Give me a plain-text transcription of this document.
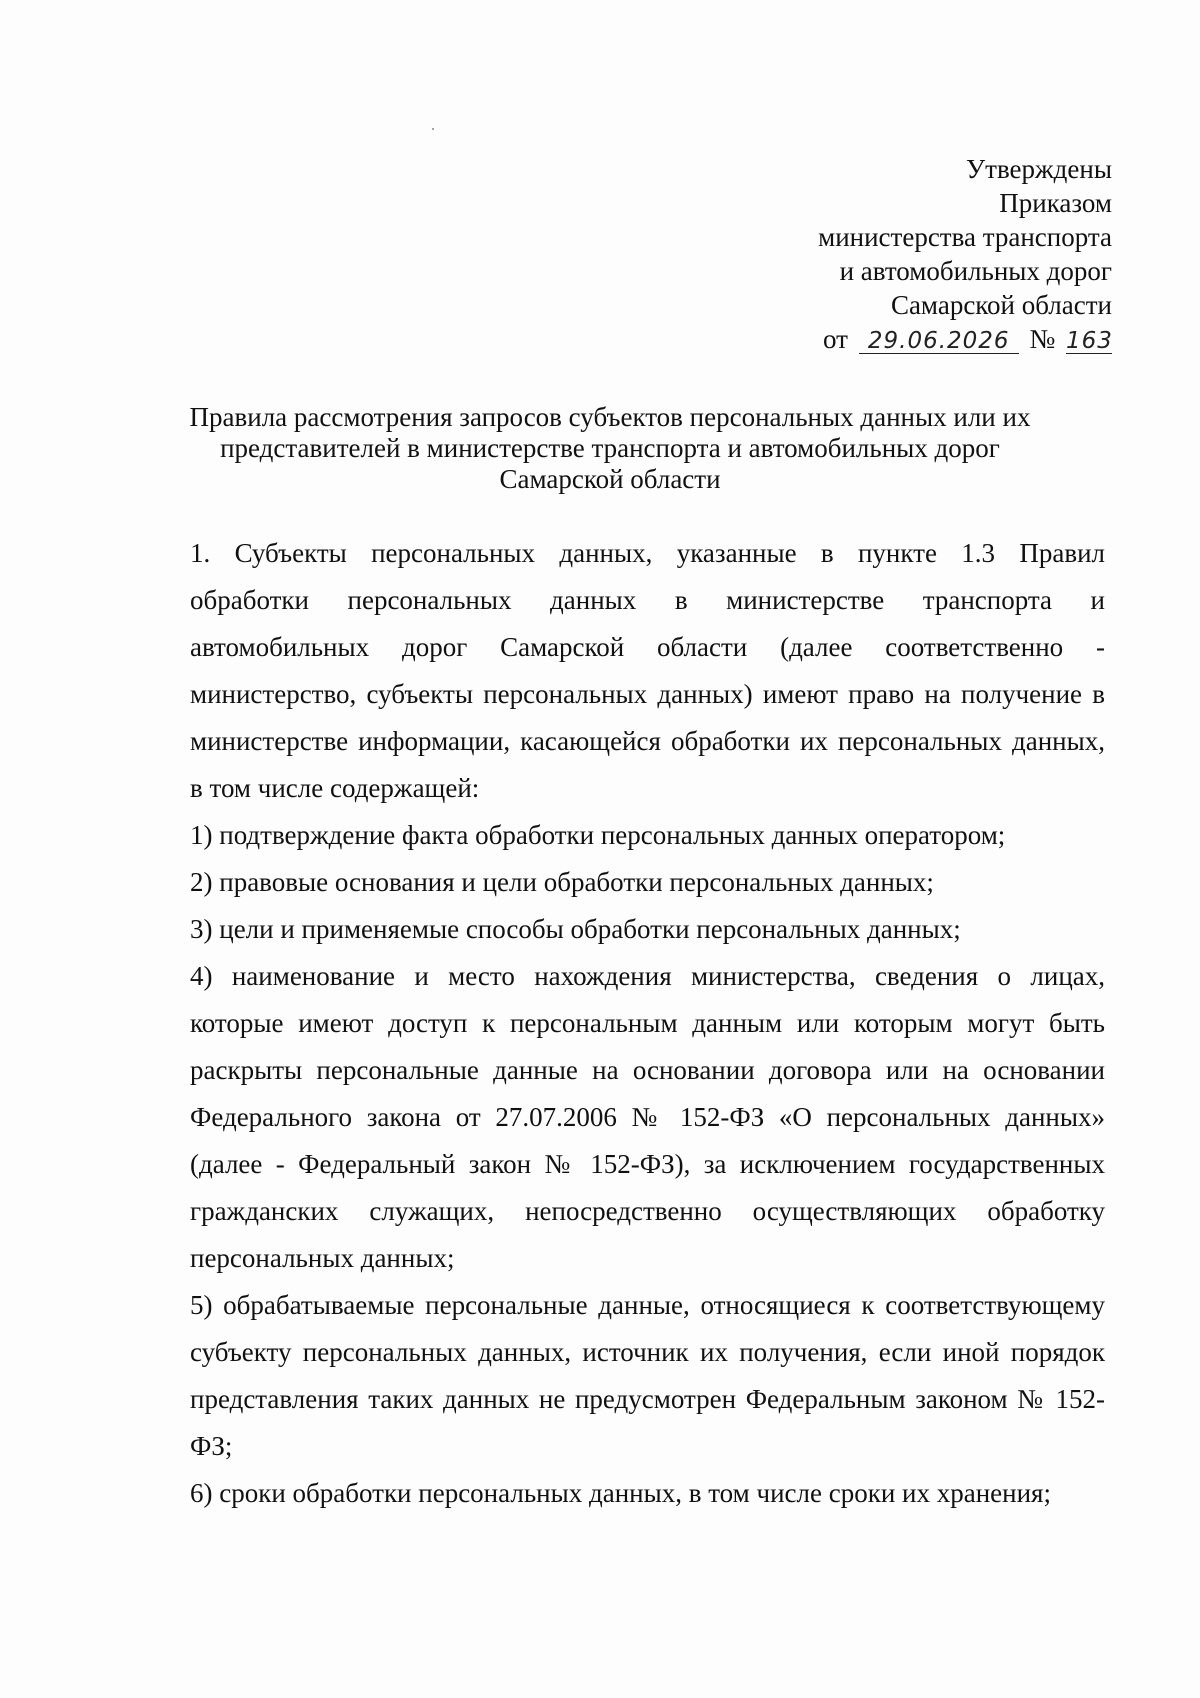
Утверждены
Приказом
министерства транспорта
и автомобильных дорог
Самарской области
от 29.06.2026 № 163
Правила рассмотрения запросов субъектов персональных данных или их
представителей в министерстве транспорта и автомобильных дорог
Самарской области
1. Субъекты персональных данных, указанные в пункте 1.3 Правил
обработки персональных данных в министерстве транспорта и
автомобильных дорог Самарской области (далее соответственно -
министерство, субъекты персональных данных) имеют право на получение в
министерстве информации, касающейся обработки их персональных данных,
в том числе содержащей:
1) подтверждение факта обработки персональных данных оператором;
2) правовые основания и цели обработки персональных данных;
3) цели и применяемые способы обработки персональных данных;
4) наименование и место нахождения министерства, сведения о лицах,
которые имеют доступ к персональным данным или которым могут быть
раскрыты персональные данные на основании договора или на основании
Федерального закона от 27.07.2006 № 152-ФЗ «О персональных данных»
(далее - Федеральный закон № 152-ФЗ), за исключением государственных
гражданских служащих, непосредственно осуществляющих обработку
персональных данных;
5) обрабатываемые персональные данные, относящиеся к соответствующему
субъекту персональных данных, источник их получения, если иной порядок
представления таких данных не предусмотрен Федеральным законом № 152-
ФЗ;
6) сроки обработки персональных данных, в том числе сроки их хранения;
